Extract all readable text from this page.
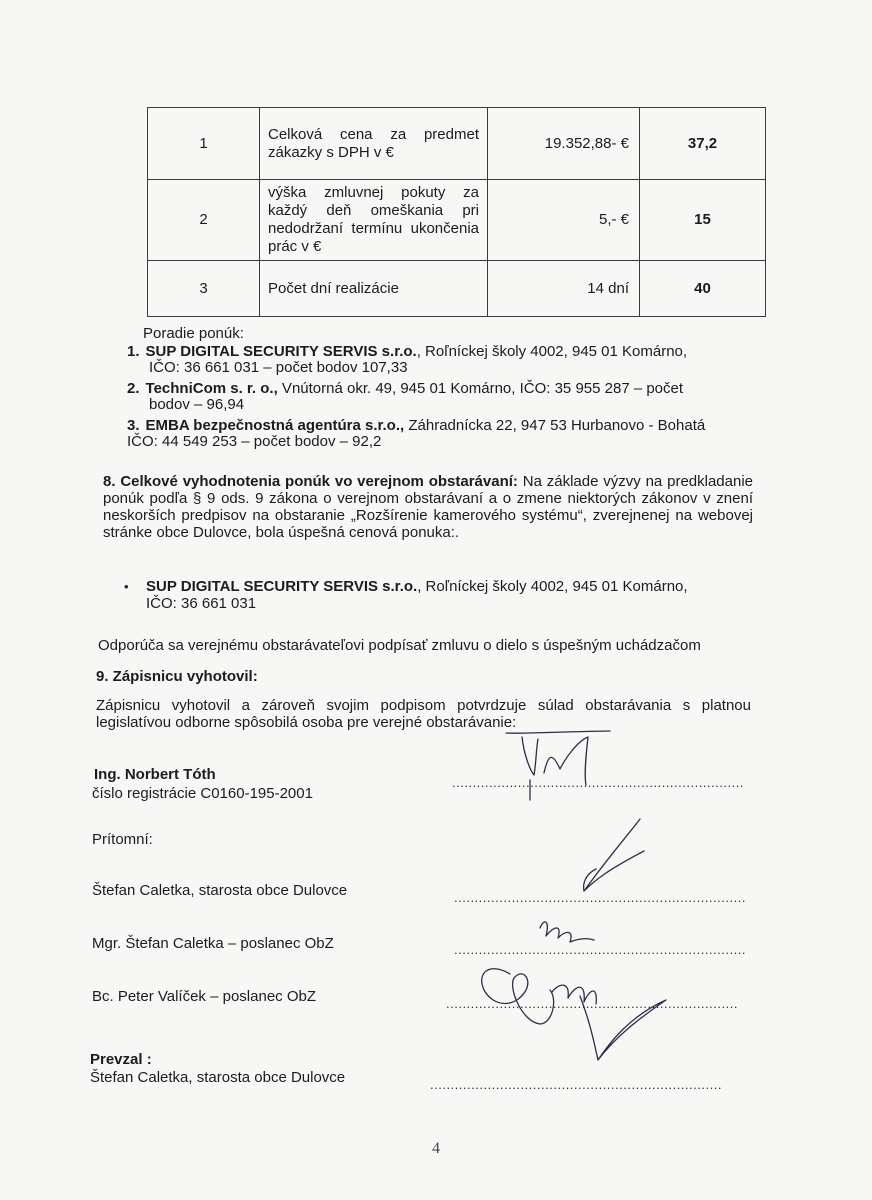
1	Celková cena za predmet zákazky s DPH v €	19.352,88- €	37,2
2	výška zmluvnej pokuty za každý deň omeškania pri nedodržaní termínu ukončenia prác v €	5,- €	15
3	Počet dní realizácie	14 dní	40
Poradie ponúk:
1. SUP DIGITAL SECURITY SERVIS s.r.o., Roľníckej školy 4002, 945 01 Komárno,
IČO: 36 661 031 – počet bodov 107,33
2. TechniCom s. r. o., Vnútorná okr. 49, 945 01 Komárno, IČO: 35 955 287 – počet
bodov – 96,94
3. EMBA bezpečnostná agentúra s.r.o., Záhradnícka 22, 947 53 Hurbanovo - Bohatá
IČO: 44 549 253 – počet bodov – 92,2
8. Celkové vyhodnotenia ponúk vo verejnom obstarávaní: Na základe výzvy na predkladanie ponúk podľa § 9 ods. 9 zákona o verejnom obstarávaní a o zmene niektorých zákonov v znení neskorších predpisov na obstaranie „Rozšírenie kamerového systému“, zverejnenej na webovej stránke obce Dulovce, bola úspešná cenová ponuka:.
• SUP DIGITAL SECURITY SERVIS s.r.o., Roľníckej školy 4002, 945 01 Komárno,
IČO: 36 661 031
Odporúča sa verejnému obstarávateľovi podpísať zmluvu o dielo s úspešným uchádzačom
9. Zápisnicu vyhotovil:
Zápisnicu vyhotovil a zároveň svojim podpisom potvrdzuje súlad obstarávania s platnou legislatívou odborne spôsobilá osoba pre verejné obstarávanie:
Ing. Norbert Tóth
číslo registrácie C0160-195-2001
.......................................................................
Prítomní:
Štefan Caletka, starosta obce Dulovce	.......................................................................
Mgr. Štefan Caletka – poslanec ObZ	.......................................................................
Bc. Peter Valíček – poslanec ObZ	.......................................................................
Prevzal :
Štefan Caletka, starosta obce Dulovce	.......................................................................
4
